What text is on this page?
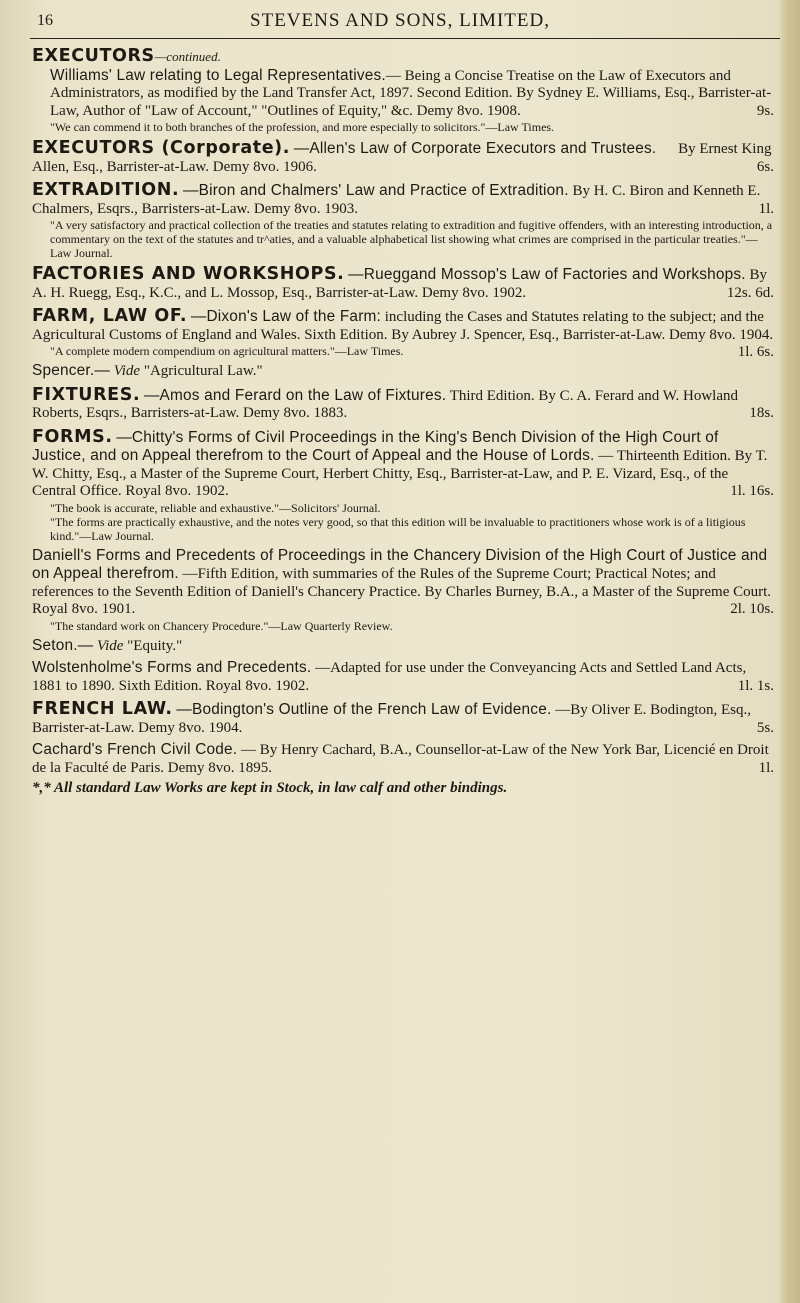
16	STEVENS AND SONS, LIMITED,
EXECUTORS—continued.
Williams' Law relating to Legal Representatives.— Being a Concise Treatise on the Law of Executors and Administrators, as modified by the Land Transfer Act, 1897. Second Edition. By Sydney E. Williams, Esq., Barrister-at-Law, Author of "Law of Account," "Outlines of Equity," &c. Demy 8vo. 1908.	9s.
"We can commend it to both branches of the profession, and more especially to solicitors."—Law Times.
EXECUTORS (Corporate). —Allen's Law of Corporate Executors and Trustees. By Ernest King Allen, Esq., Barrister-at-Law. Demy 8vo. 1906.	6s.
EXTRADITION. —Biron and Chalmers' Law and Practice of Extradition. By H. C. Biron and Kenneth E. Chalmers, Esqrs., Barristers-at-Law. Demy 8vo. 1903.	1l.
"A very satisfactory and practical collection of the treaties and statutes relating to extradition and fugitive offenders, with an interesting introduction, a commentary on the text of the statutes and tr^aties, and a valuable alphabetical list showing what crimes are comprised in the particular treaties."—Law Journal.
FACTORIES AND WORKSHOPS. —Rueggand Mossop's Law of Factories and Workshops. By A. H. Ruegg, Esq., K.C., and L. Mossop, Esq., Barrister-at-Law. Demy 8vo. 1902.	12s. 6d.
FARM, LAW OF. —Dixon's Law of the Farm: including the Cases and Statutes relating to the subject; and the Agricultural Customs of England and Wales. Sixth Edition. By Aubrey J. Spencer, Esq., Barrister-at-Law. Demy 8vo. 1904.
1l. 6s.
"A complete modern compendium on agricultural matters."—Law Times.
Spencer.— Vide "Agricultural Law."
FIXTURES. —Amos and Ferard on the Law of Fixtures. Third Edition. By C. A. Ferard and W. Howland Roberts, Esqrs., Barristers-at-Law. Demy 8vo. 1883.	18s.
FORMS. —Chitty's Forms of Civil Proceedings in the King's Bench Division of the High Court of Justice, and on Appeal therefrom to the Court of Appeal and the House of Lords. — Thirteenth Edition. By T. W. Chitty, Esq., a Master of the Supreme Court, Herbert Chitty, Esq., Barrister-at-Law, and P. E. Vizard, Esq., of the Central Office. Royal 8vo. 1902.	1l. 16s.
"The book is accurate, reliable and exhaustive."—Solicitors' Journal.
"The forms are practically exhaustive, and the notes very good, so that this edition will be invaluable to practitioners whose work is of a litigious kind."—Law Journal.
Daniell's Forms and Precedents of Proceedings in the Chancery Division of the High Court of Justice and on Appeal therefrom. —Fifth Edition, with summaries of the Rules of the Supreme Court; Practical Notes; and references to the Seventh Edition of Daniell's Chancery Practice. By Charles Burney, B.A., a Master of the Supreme Court. Royal 8vo. 1901.	2l. 10s.
"The standard work on Chancery Procedure."—Law Quarterly Review.
Seton.— Vide "Equity."
Wolstenholme's Forms and Precedents. —Adapted for use under the Conveyancing Acts and Settled Land Acts, 1881 to 1890. Sixth Edition. Royal 8vo. 1902.	1l. 1s.
FRENCH LAW. —Bodington's Outline of the French Law of Evidence. —By Oliver E. Bodington, Esq., Barrister-at-Law. Demy 8vo. 1904.	5s.
Cachard's French Civil Code. — By Henry Cachard, B.A., Counsellor-at-Law of the New York Bar, Licencié en Droit de la Faculté de Paris. Demy 8vo. 1895.	1l.
*,* All standard Law Works are kept in Stock, in law calf and other bindings.
